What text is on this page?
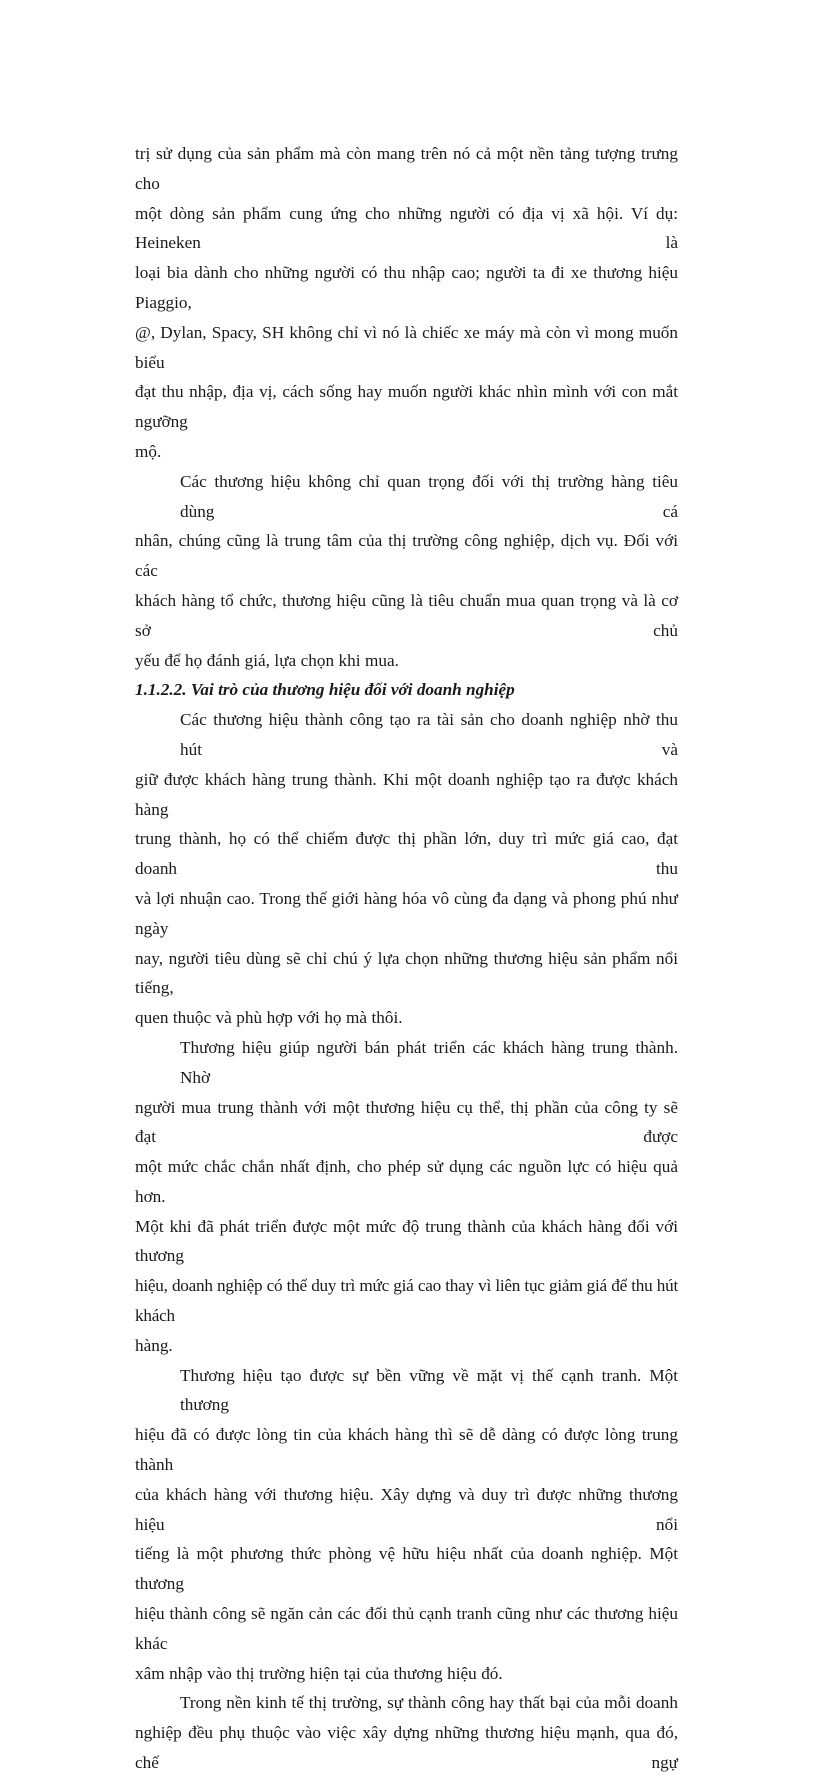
trị sử dụng của sản phẩm mà còn mang trên nó cả một nền tảng tượng trưng cho
một dòng sản phẩm cung ứng cho những người có địa vị xã hội. Ví dụ: Heineken là
loại bia dành cho những người có thu nhập cao; người ta đi xe thương hiệu Piaggio,
@, Dylan, Spacy, SH không chỉ vì nó là chiếc xe máy mà còn vì mong muốn biểu
đạt thu nhập, địa vị, cách sống hay muốn người khác nhìn mình với con mắt ngưỡng
mộ.

Các thương hiệu không chỉ quan trọng đối với thị trường hàng tiêu dùng cá
nhân, chúng cũng là trung tâm của thị trường công nghiệp, dịch vụ. Đối với các
khách hàng tổ chức, thương hiệu cũng là tiêu chuẩn mua quan trọng và là cơ sở chủ
yếu để họ đánh giá, lựa chọn khi mua.

1.1.2.2. Vai trò của thương hiệu đối với doanh nghiệp

Các thương hiệu thành công tạo ra tài sản cho doanh nghiệp nhờ thu hút và
giữ được khách hàng trung thành. Khi một doanh nghiệp tạo ra được khách hàng
trung thành, họ có thể chiếm được thị phần lớn, duy trì mức giá cao, đạt doanh thu
và lợi nhuận cao. Trong thế giới hàng hóa vô cùng đa dạng và phong phú như ngày
nay, người tiêu dùng sẽ chỉ chú ý lựa chọn những thương hiệu sản phẩm nổi tiếng,
quen thuộc và phù hợp với họ mà thôi.

Thương hiệu giúp người bán phát triển các khách hàng trung thành. Nhờ
người mua trung thành với một thương hiệu cụ thể, thị phần của công ty sẽ đạt được
một mức chắc chắn nhất định, cho phép sử dụng các nguồn lực có hiệu quả hơn.
Một khi đã phát triển được một mức độ trung thành của khách hàng đối với thương
hiệu, doanh nghiệp có thể duy trì mức giá cao thay vì liên tục giảm giá để thu hút khách
hàng.

Thương hiệu tạo được sự bền vững về mặt vị thế cạnh tranh. Một thương
hiệu đã có được lòng tin của khách hàng thì sẽ dễ dàng có được lòng trung thành
của khách hàng với thương hiệu. Xây dựng và duy trì được những thương hiệu nổi
tiếng là một phương thức phòng vệ hữu hiệu nhất của doanh nghiệp. Một thương
hiệu thành công sẽ ngăn cản các đối thủ cạnh tranh cũng như các thương hiệu khác
xâm nhập vào thị trường hiện tại của thương hiệu đó.

Trong nền kinh tế thị trường, sự thành công hay thất bại của mỗi doanh
nghiệp đều phụ thuộc vào việc xây dựng những thương hiệu mạnh, qua đó, chế ngự
